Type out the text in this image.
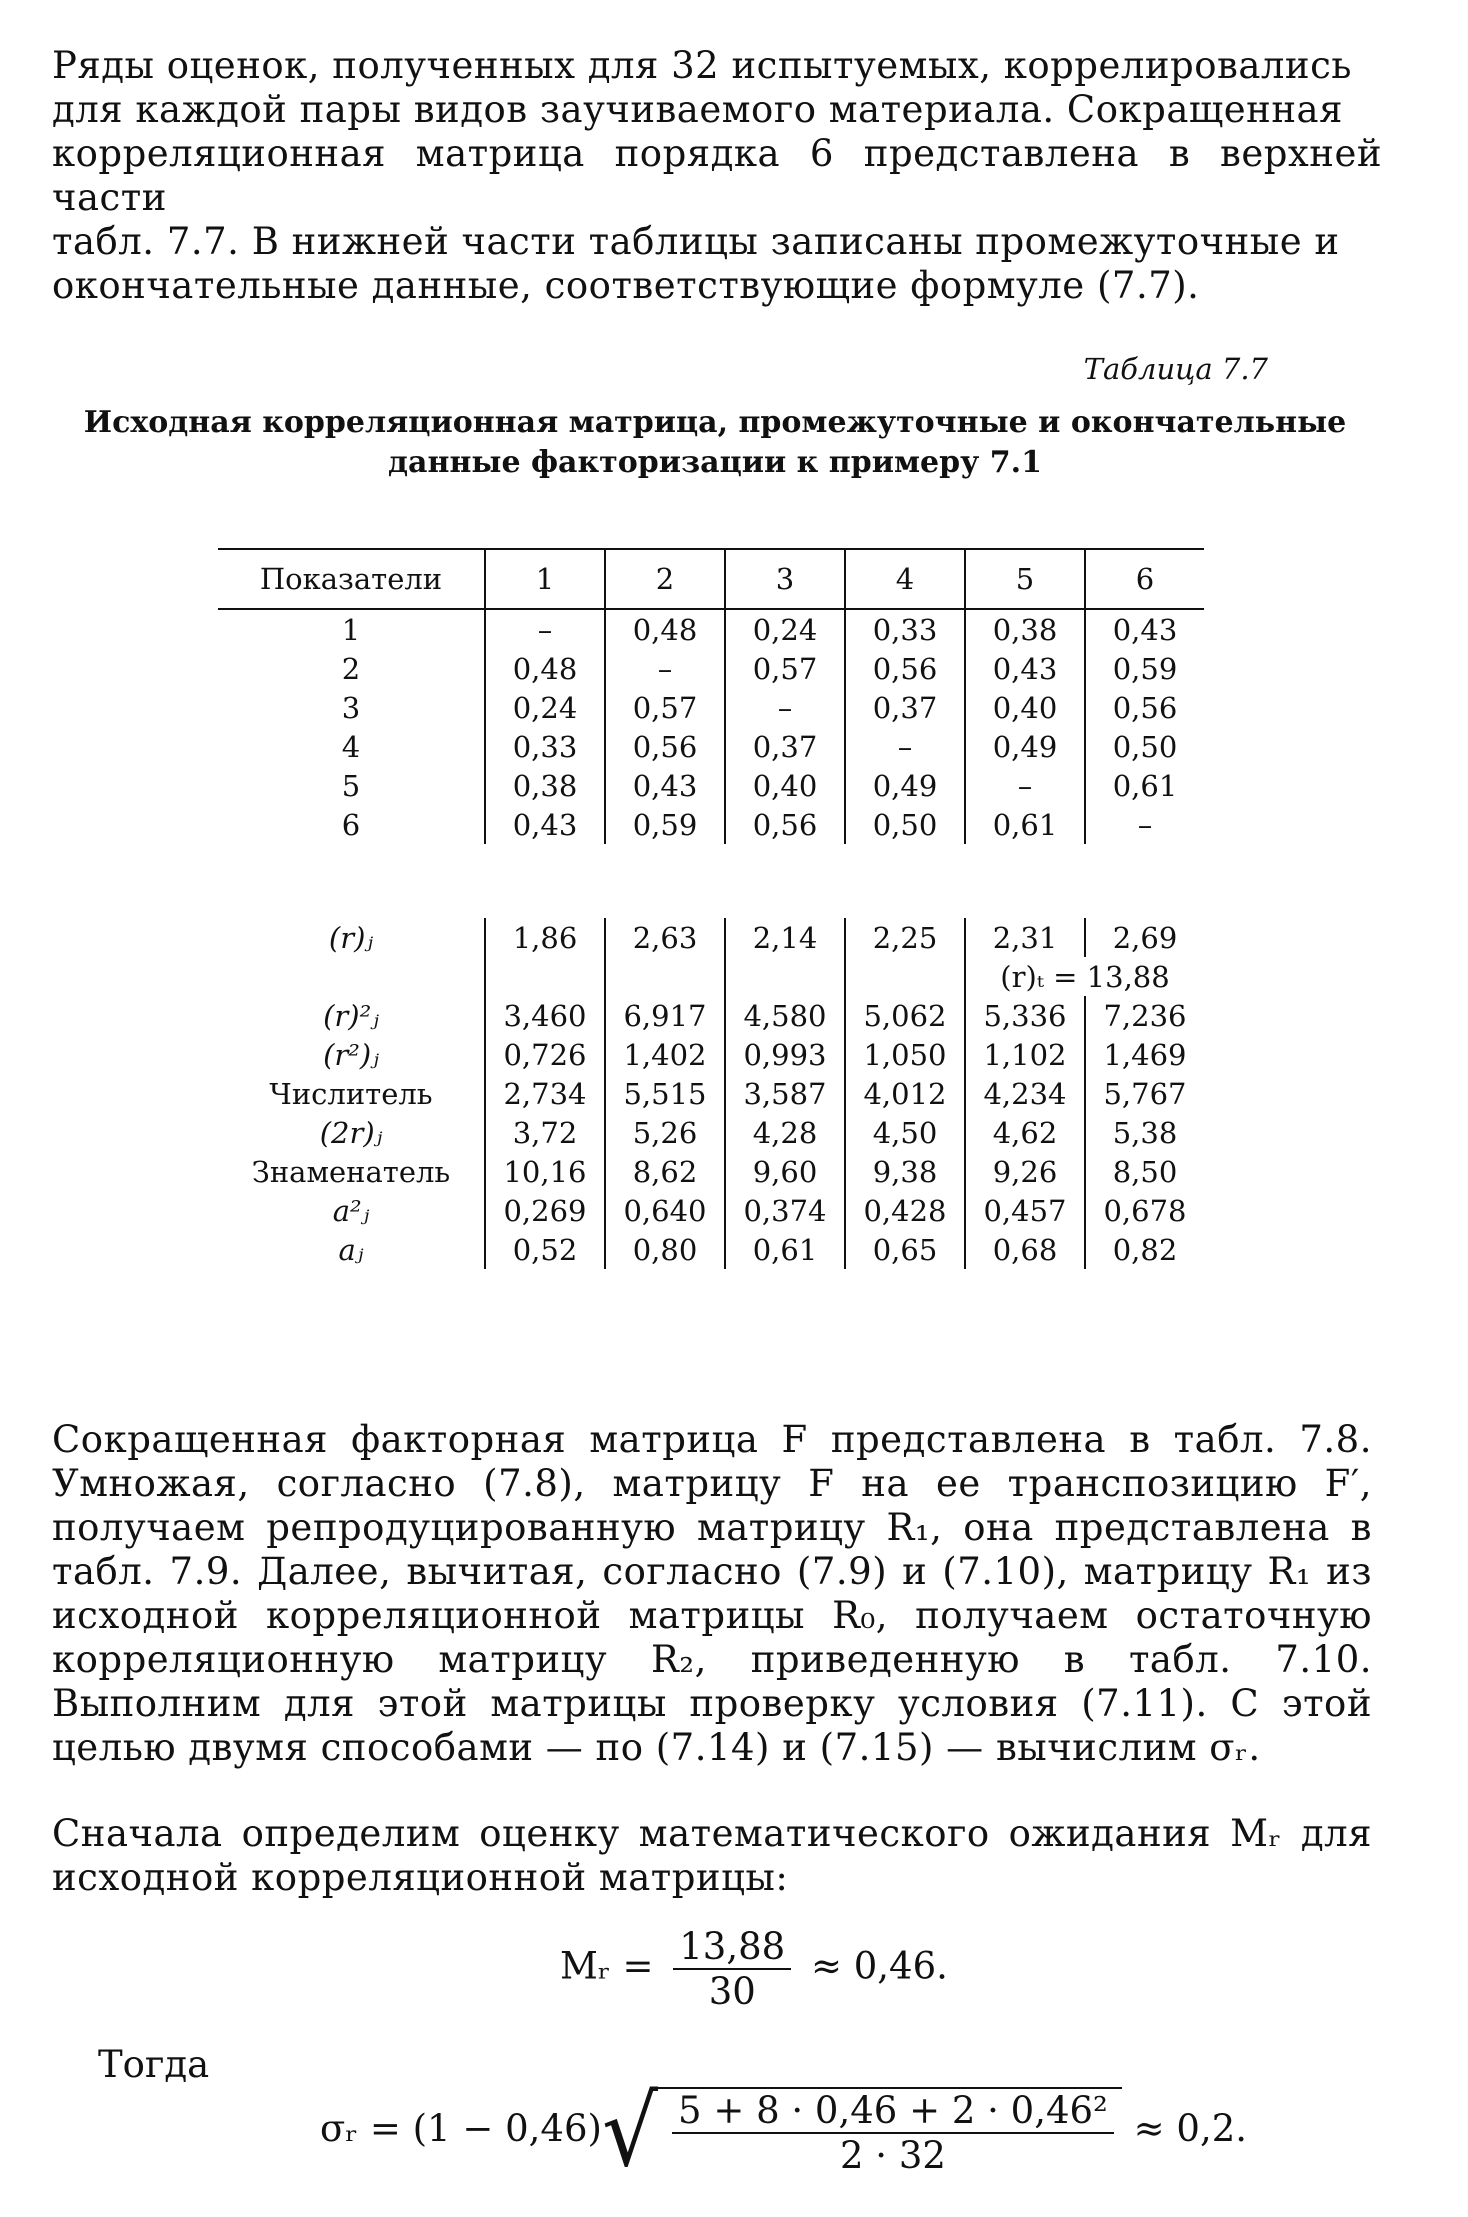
Ряды оценок, полученных для 32 испытуемых, коррелировались
для каждой пары видов заучиваемого материала. Сокращенная
корреляционная матрица порядка 6 представлена в верхней части
табл. 7.7. В нижней части таблицы записаны промежуточные и
окончательные данные, соответствующие формуле (7.7).
Таблица 7.7
Исходная корреляционная матрица, промежуточные и окончательные
данные факторизации к примеру 7.1
Показатели	1	2	3	4	5	6
1	–	0,48	0,24	0,33	0,38	0,43
2	0,48	–	0,57	0,56	0,43	0,59
3	0,24	0,57	–	0,37	0,40	0,56
4	0,33	0,56	0,37	–	0,49	0,50
5	0,38	0,43	0,40	0,49	–	0,61
6	0,43	0,59	0,56	0,50	0,61	–
(r)ⱼ	1,86	2,63	2,14	2,25	2,31	2,69
					(r)ₜ = 13,88	
(r)²ⱼ	3,460	6,917	4,580	5,062	5,336	7,236
(r²)ⱼ	0,726	1,402	0,993	1,050	1,102	1,469
Числитель	2,734	5,515	3,587	4,012	4,234	5,767
(2r)ⱼ	3,72	5,26	4,28	4,50	4,62	5,38
Знаменатель	10,16	8,62	9,60	9,38	9,26	8,50
a²ⱼ	0,269	0,640	0,374	0,428	0,457	0,678
aⱼ	0,52	0,80	0,61	0,65	0,68	0,82
Сокращенная факторная матрица F представлена в табл. 7.8. Умножая, согласно (7.8), матрицу F на ее транспозицию F′, получаем репродуцированную матрицу R₁, она представлена в табл. 7.9. Далее, вычитая, согласно (7.9) и (7.10), матрицу R₁ из исходной корреляционной матрицы R₀, получаем остаточную корреляционную матрицу R₂, приведенную в табл. 7.10. Выполним для этой матрицы проверку условия (7.11). С этой целью двумя способами — по (7.14) и (7.15) — вычислим σᵣ.
Сначала определим оценку математического ожидания Mᵣ для исходной корреляционной матрицы:
Mᵣ = $\frac{13,88}{30} \approx 0,46$.
Тогда
σᵣ = $(1 - 0,46)√ \frac{\text{5 + 8 · 0,46 + 2 · 0,46²}}{2 \cdot 32} \approx 0,2$.
